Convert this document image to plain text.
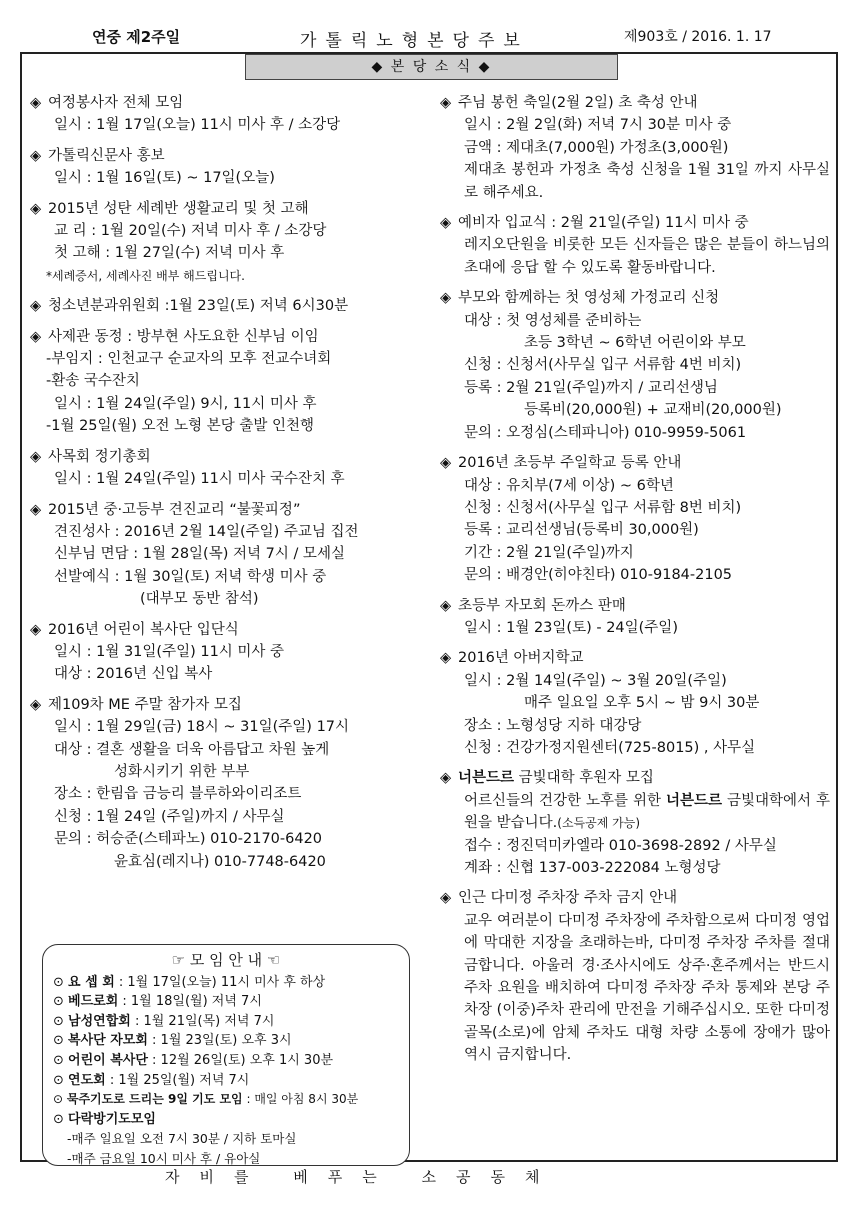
연중 제2주일	가톨릭노형본당주보	제903호 / 2016. 1. 17
◆ 본 당 소 식 ◆
◈ 여정봉사자 전체 모임
일시 : 1월 17일(오늘) 11시 미사 후 / 소강당
◈ 가톨릭신문사 홍보
일시 : 1월 16일(토) ~ 17일(오늘)
◈ 2015년 성탄 세례반 생활교리 및 첫 고해
교 리 : 1월 20일(수) 저녁 미사 후 / 소강당
첫 고해 : 1월 27일(수) 저녁 미사 후
*세례증서, 세례사진 배부 해드립니다.
◈ 청소년분과위원회 :1월 23일(토) 저녁 6시30분
◈ 사제관 동정 : 방부현 사도요한 신부님 이임
-부임지 : 인천교구 순교자의 모후 전교수녀회
-환송 국수잔치
일시 : 1월 24일(주일) 9시, 11시 미사 후
-1월 25일(월) 오전 노형 본당 출발 인천행
◈ 사목회 정기총회
일시 : 1월 24일(주일) 11시 미사 국수잔치 후
◈ 2015년 중·고등부 견진교리 “불꽃피정”
견진성사 : 2016년 2월 14일(주일) 주교님 집전
신부님 면담 : 1월 28일(목) 저녁 7시 / 모세실
선발예식 : 1월 30일(토) 저녁 학생 미사 중
(대부모 동반 참석)
◈ 2016년 어린이 복사단 입단식
일시 : 1월 31일(주일) 11시 미사 중
대상 : 2016년 신입 복사
◈ 제109차 ME 주말 참가자 모집
일시 : 1월 29일(금) 18시 ~ 31일(주일) 17시
대상 : 결혼 생활을 더욱 아름답고 차원 높게
성화시키기 위한 부부
장소 : 한림읍 금능리 블루하와이리조트
신청 : 1월 24일 (주일)까지 / 사무실
문의 : 허승준(스테파노) 010-2170-6420
윤효심(레지나) 010-7748-6420
☞ 모 임 안 내 ☜
⊙ 요 셉 회 : 1월 17일(오늘) 11시 미사 후 하상
⊙ 베드로회 : 1월 18일(월) 저녁 7시
⊙ 남성연합회 : 1월 21일(목) 저녁 7시
⊙ 복사단 자모회 : 1월 23일(토) 오후 3시
⊙ 어린이 복사단 : 12월 26일(토) 오후 1시 30분
⊙ 연도회 : 1월 25일(월) 저녁 7시
⊙ 묵주기도로 드리는 9일 기도 모임 : 매일 아침 8시 30분
⊙ 다락방기도모임
-매주 일요일 오전 7시 30분 / 지하 토마실
-매주 금요일 10시 미사 후 / 유아실
◈ 주님 봉헌 축일(2월 2일) 초 축성 안내
일시 : 2월 2일(화) 저녁 7시 30분 미사 중
금액 : 제대초(7,000원) 가정초(3,000원)
제대초 봉헌과 가정초 축성 신청을 1월 31일 까지 사무실로 해주세요.
◈ 예비자 입교식 : 2월 21일(주일) 11시 미사 중
레지오단원을 비롯한 모든 신자들은 많은 분들이 하느님의 초대에 응답 할 수 있도록 활동바랍니다.
◈ 부모와 함께하는 첫 영성체 가정교리 신청
대상 : 첫 영성체를 준비하는
초등 3학년 ~ 6학년 어린이와 부모
신청 : 신청서(사무실 입구 서류함 4번 비치)
등록 : 2월 21일(주일)까지 / 교리선생님
등록비(20,000원) + 교재비(20,000원)
문의 : 오정심(스테파니아) 010-9959-5061
◈ 2016년 초등부 주일학교 등록 안내
대상 : 유치부(7세 이상) ~ 6학년
신청 : 신청서(사무실 입구 서류함 8번 비치)
등록 : 교리선생님(등록비 30,000원)
기간 : 2월 21일(주일)까지
문의 : 배경안(히야친타) 010-9184-2105
◈ 초등부 자모회 돈까스 판매
일시 : 1월 23일(토) - 24일(주일)
◈ 2016년 아버지학교
일시 : 2월 14일(주일) ~ 3월 20일(주일)
매주 일요일 오후 5시 ~ 밤 9시 30분
장소 : 노형성당 지하 대강당
신청 : 건강가정지원센터(725-8015) , 사무실
◈ 너븐드르 금빛대학 후원자 모집
어르신들의 건강한 노후를 위한 너븐드르 금빛대학에서 후원을 받습니다.(소득공제 가능)
접수 : 정진덕미카엘라 010-3698-2892 / 사무실
계좌 : 신협 137-003-222084 노형성당
◈ 인근 다미정 주차장 주차 금지 안내
교우 여러분이 다미정 주차장에 주차함으로써 다미정 영업에 막대한 지장을 초래하는바, 다미정 주차장 주차를 절대 금합니다. 아울러 경·조사시에도 상주·혼주께서는 반드시 주차 요원을 배치하여 다미정 주차장 주차 통제와 본당 주차장 (이중)주차 관리에 만전을 기해주십시오. 또한 다미정 골목(소로)에 암체 주차도 대형 차량 소통에 장애가 많아 역시 금지합니다.
자비를 베푸는 소공동체
